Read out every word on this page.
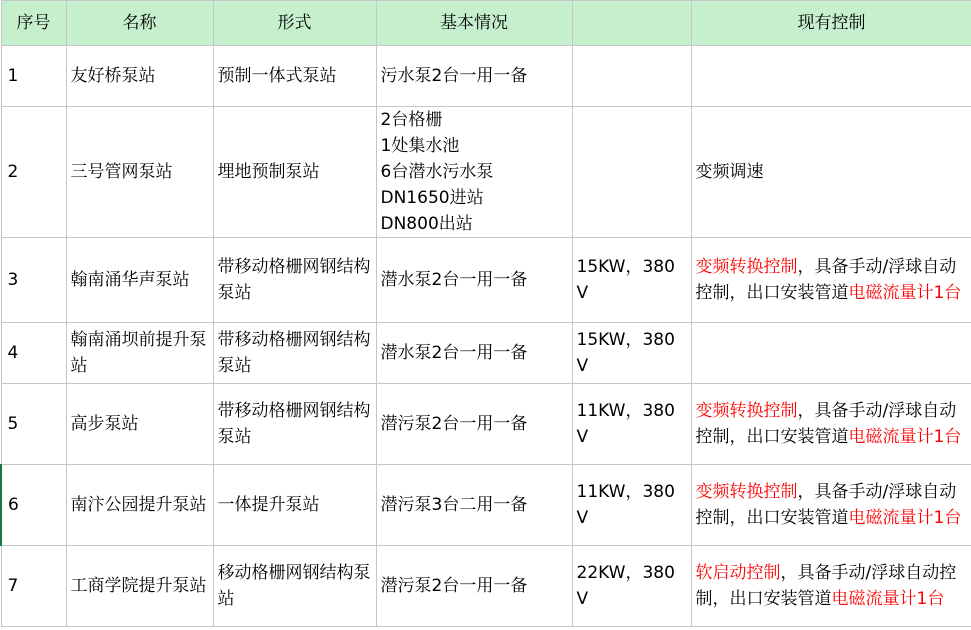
序号	名称	形式	基本情况		现有控制
1	友好桥泵站	预制一体式泵站	污水泵2台一用一备		
2	三号管网泵站	埋地预制泵站	2台格栅
1处集水池
6台潜水污水泵
DN1650进站
DN800出站		变频调速
3	翰南涌华声泵站	带移动格栅网钢结构泵站	潜水泵2台一用一备	15KW，380V	变频转换控制，具备手动/浮球自动控制，出口安装管道电磁流量计1台
4	翰南涌坝前提升泵站	带移动格栅网钢结构泵站	潜水泵2台一用一备	15KW，380V	
5	高步泵站	带移动格栅网钢结构泵站	潜污泵2台一用一备	11KW，380V	变频转换控制，具备手动/浮球自动控制，出口安装管道电磁流量计1台
6	南汴公园提升泵站	一体提升泵站	潜污泵3台二用一备	11KW，380V	变频转换控制，具备手动/浮球自动控制，出口安装管道电磁流量计1台
7	工商学院提升泵站	移动格栅网钢结构泵站	潜污泵2台一用一备	22KW，380V	软启动控制，具备手动/浮球自动控制，出口安装管道电磁流量计1台
